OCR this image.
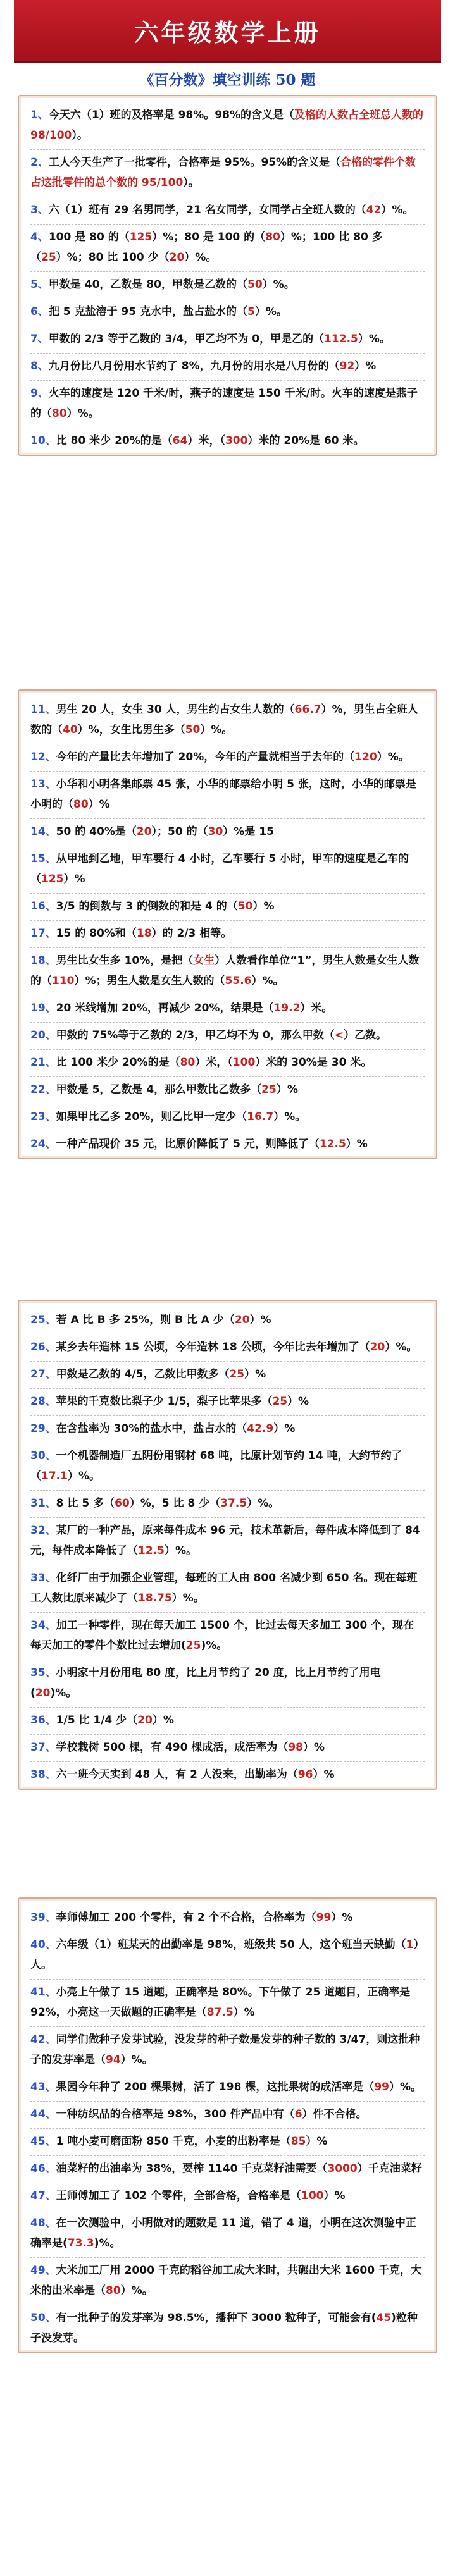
六年级数学上册
《百分数》填空训练 50 题
1、今天六（1）班的及格率是 98%。98%的含义是（及格的人数占全班总人数的 98/100）。
2、工人今天生产了一批零件，合格率是 95%。95%的含义是（合格的零件个数占这批零件的总个数的 95/100）。
3、六（1）班有 29 名男同学，21 名女同学，女同学占全班人数的（42）%。
4、100 是 80 的（125）%；80 是 100 的（80）%；100 比 80 多（25）%；80 比 100 少（20）%。
5、甲数是 40，乙数是 80，甲数是乙数的（50）%。
6、把 5 克盐溶于 95 克水中，盐占盐水的（5）%。
7、甲数的 2/3 等于乙数的 3/4，甲乙均不为 0，甲是乙的（112.5）%。
8、九月份比八月份用水节约了 8%，九月份的用水是八月份的（92）%
9、火车的速度是 120 千米/时，燕子的速度是 150 千米/时。火车的速度是燕子的（80）%。
10、比 80 米少 20%的是（64）米，（300）米的 20%是 60 米。
11、男生 20 人，女生 30 人，男生约占女生人数的（66.7）%，男生占全班人数的（40）%，女生比男生多（50）%。
12、今年的产量比去年增加了 20%，今年的产量就相当于去年的（120）%。
13、小华和小明各集邮票 45 张，小华的邮票给小明 5 张，这时，小华的邮票是小明的（80）%
14、50 的 40%是（20）；50 的（30）%是 15
15、从甲地到乙地，甲车要行 4 小时，乙车要行 5 小时，甲车的速度是乙车的（125）%
16、3/5 的倒数与 3 的倒数的和是 4 的（50）%
17、15 的 80%和（18）的 2/3 相等。
18、男生比女生多 10%，是把（女生）人数看作单位“1”，男生人数是女生人数的（110）%；男生人数是女生人数的（55.6）%。
19、20 米线增加 20%，再减少 20%，结果是（19.2）米。
20、甲数的 75%等于乙数的 2/3，甲乙均不为 0，那么甲数（<）乙数。
21、比 100 米少 20%的是（80）米，（100）米的 30%是 30 米。
22、甲数是 5，乙数是 4，那么甲数比乙数多（25）%
23、如果甲比乙多 20%，则乙比甲一定少（16.7）%。
24、一种产品现价 35 元，比原价降低了 5 元，则降低了（12.5）%
25、若 A 比 B 多 25%，则 B 比 A 少（20）%
26、某乡去年造林 15 公顷，今年造林 18 公顷，今年比去年增加了（20）%。
27、甲数是乙数的 4/5，乙数比甲数多（25）%
28、苹果的千克数比梨子少 1/5，梨子比苹果多（25）%
29、在含盐率为 30%的盐水中，盐占水的（42.9）%
30、一个机器制造厂五阴份用钢材 68 吨，比原计划节约 14 吨，大约节约了（17.1）%。
31、8 比 5 多（60）%，5 比 8 少（37.5）%。
32、某厂的一种产品，原来每件成本 96 元，技术革新后，每件成本降低到了 84 元，每件成本降低了（12.5）%。
33、化纤厂由于加强企业管理，每班的工人由 800 名减少到 650 名。现在每班工人数比原来减少了（18.75）%。
34、加工一种零件，现在每天加工 1500 个，比过去每天多加工 300 个，现在每天加工的零件个数比过去增加(25)%。
35、小明家十月份用电 80 度，比上月节约了 20 度，比上月节约了用电(20)%。
36、1/5 比 1/4 少（20）%
37、学校栽树 500 棵，有 490 棵成活，成活率为（98）%
38、六一班今天实到 48 人，有 2 人没来，出勤率为（96）%
39、李师傅加工 200 个零件，有 2 个不合格，合格率为（99）%
40、六年级（1）班某天的出勤率是 98%，班级共 50 人，这个班当天缺勤（1）人。
41、小亮上午做了 15 道题，正确率是 80%。下午做了 25 道题目，正确率是 92%，小亮这一天做题的正确率是（87.5）%
42、同学们做种子发芽试验，没发芽的种子数是发芽的种子数的 3/47，则这批种子的发芽率是（94）%。
43、果园今年种了 200 棵果树，活了 198 棵，这批果树的成活率是（99）%。
44、一种纺织品的合格率是 98%，300 件产品中有（6）件不合格。
45、1 吨小麦可磨面粉 850 千克，小麦的出粉率是（85）%
46、油菜籽的出油率为 38%，要榨 1140 千克菜籽油需要（3000）千克油菜籽
47、王师傅加工了 102 个零件，全部合格，合格率是（100）%
48、在一次测验中，小明做对的题数是 11 道，错了 4 道，小明在这次测验中正确率是(73.3)%。
49、大米加工厂用 2000 千克的稻谷加工成大米时，共碾出大米 1600 千克，大米的出米率是（80）%。
50、有一批种子的发芽率为 98.5%，播种下 3000 粒种子，可能会有(45)粒种子没发芽。
